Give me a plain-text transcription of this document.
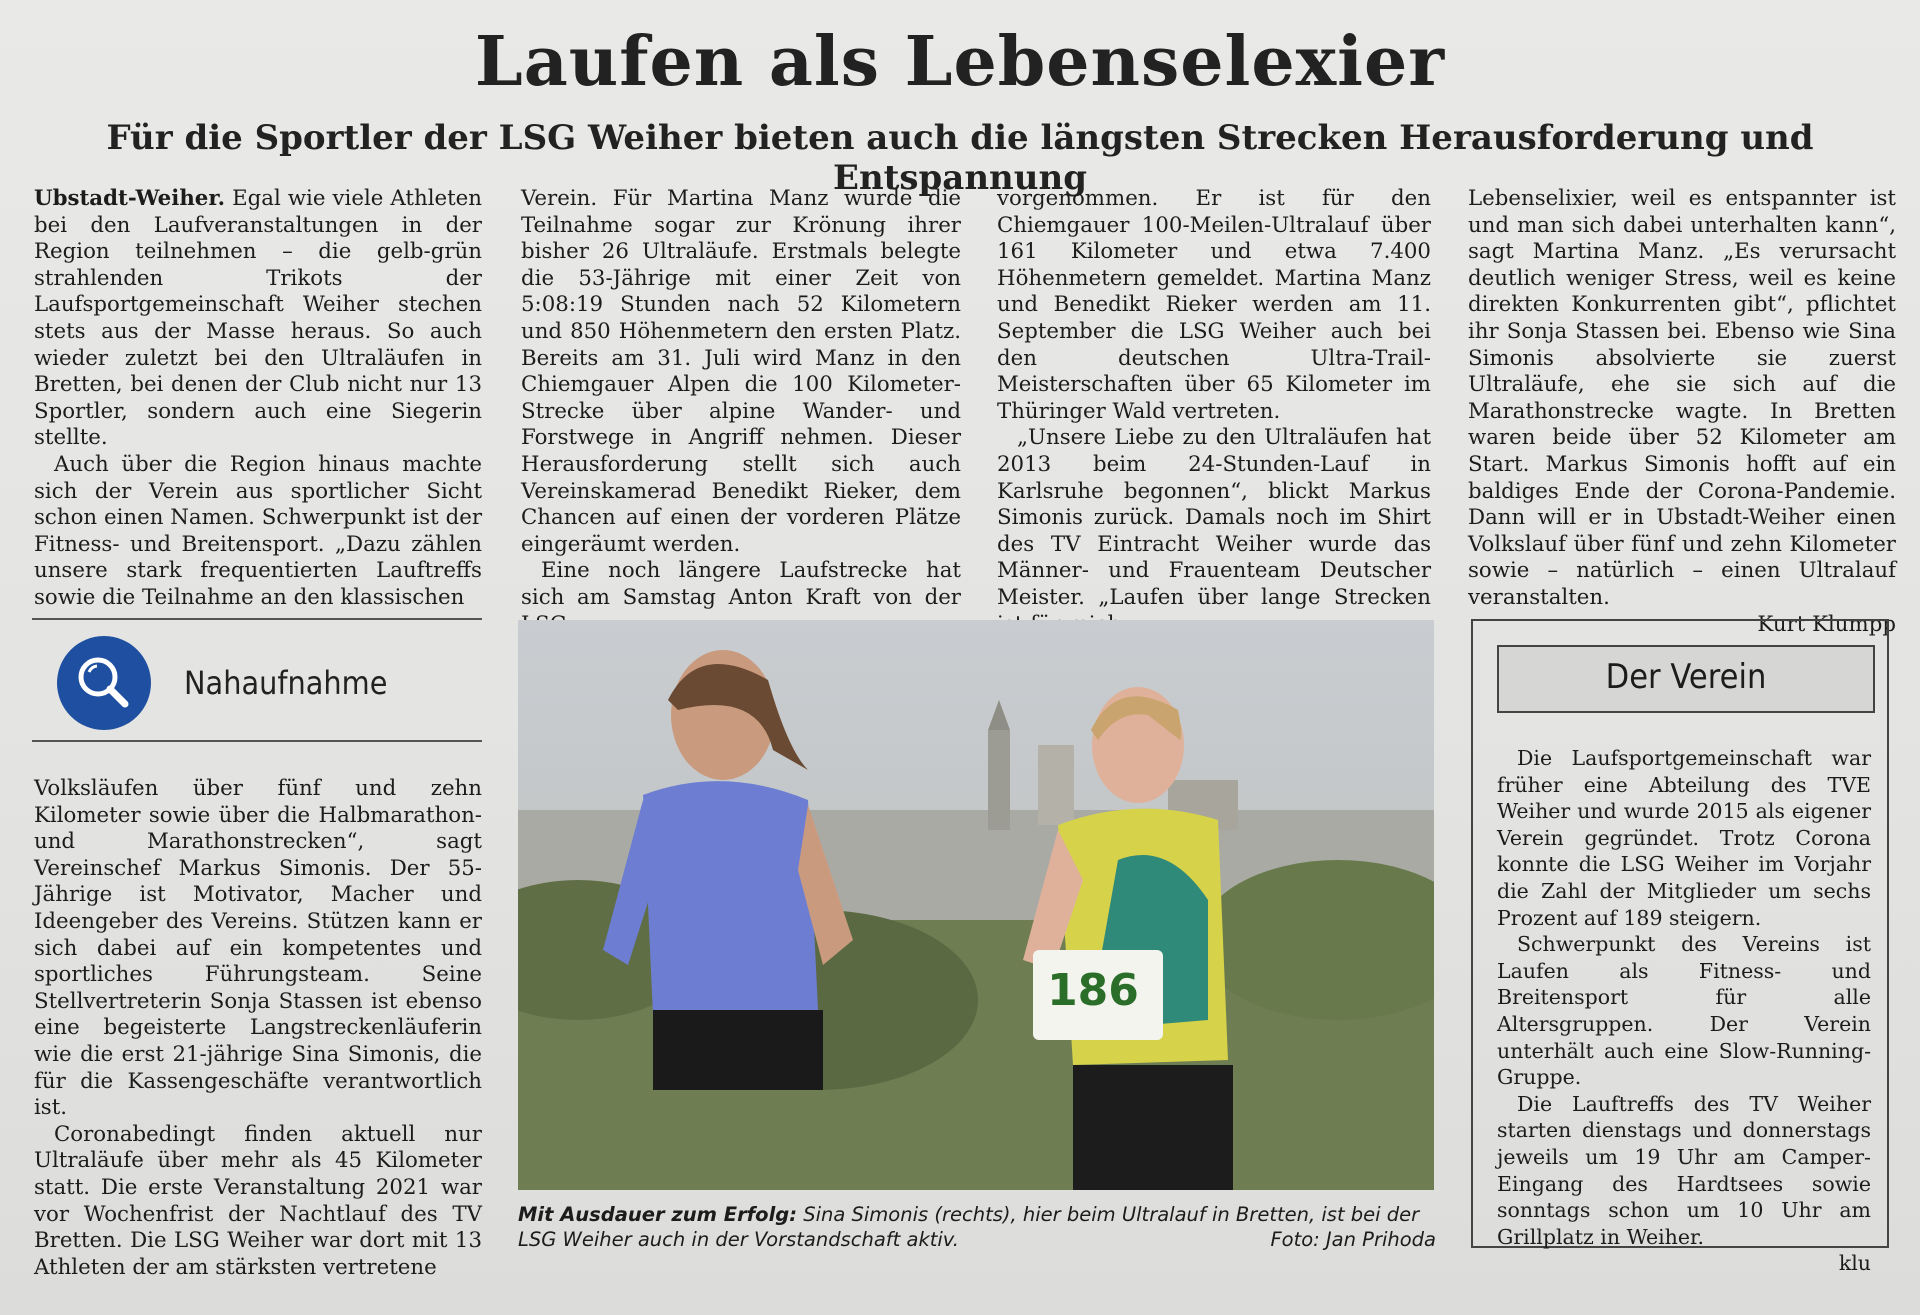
Laufen als Lebenselexier
Für die Sportler der LSG Weiher bieten auch die längsten Strecken Herausforderung und Entspannung

Ubstadt-Weiher. Egal wie viele Athleten bei den Laufveranstaltungen in der Region teilnehmen – die gelb-grün strahlenden Trikots der Laufsportgemeinschaft Weiher stechen stets aus der Masse heraus. So auch wieder zuletzt bei den Ultraläufen in Bretten, bei denen der Club nicht nur 13 Sportler, sondern auch eine Siegerin stellte.

Auch über die Region hinaus machte sich der Verein aus sportlicher Sicht schon einen Namen. Schwerpunkt ist der Fitness- und Breitensport. „Dazu zählen unsere stark frequentierten Lauftreffs sowie die Teilnahme an den klassischen

Nahaufnahme

Volksläufen über fünf und zehn Kilometer sowie über die Halbmarathon- und Marathonstrecken“, sagt Vereinschef Markus Simonis. Der 55-Jährige ist Motivator, Macher und Ideengeber des Vereins. Stützen kann er sich dabei auf ein kompetentes und sportliches Führungsteam. Seine Stellvertreterin Sonja Stassen ist ebenso eine begeisterte Langstreckenläuferin wie die erst 21-jährige Sina Simonis, die für die Kassengeschäfte verantwortlich ist.

Coronabedingt finden aktuell nur Ultraläufe über mehr als 45 Kilometer statt. Die erste Veranstaltung 2021 war vor Wochenfrist der Nachtlauf des TV Bretten. Die LSG Weiher war dort mit 13 Athleten der am stärksten vertretene

Verein. Für Martina Manz wurde die Teilnahme sogar zur Krönung ihrer bisher 26 Ultraläufe. Erstmals belegte die 53-Jährige mit einer Zeit von 5:08:19 Stunden nach 52 Kilometern und 850 Höhenmetern den ersten Platz. Bereits am 31. Juli wird Manz in den Chiemgauer Alpen die 100 Kilometer-Strecke über alpine Wander- und Forstwege in Angriff nehmen. Dieser Herausforderung stellt sich auch Vereinskamerad Benedikt Rieker, dem Chancen auf einen der vorderen Plätze eingeräumt werden.

Eine noch längere Laufstrecke hat sich am Samstag Anton Kraft von der

vorgenommen. Er ist für den Chiemgauer 100-Meilen-Ultralauf über 161 Kilometer und etwa 7.400 Höhenmetern gemeldet. Martina Manz und Benedikt Rieker werden am 11. September die LSG Weiher auch bei den deutschen Ultra-Trail-Meisterschaften über 65 Kilometer im Thüringer Wald vertreten.

„Unsere Liebe zu den Ultraläufen hat 2013 beim 24-Stunden-Lauf in Karlsruhe begonnen“, blickt Markus Simonis zurück. Damals noch im Shirt des TV Eintracht Weiher wurde das Männer- und Frauenteam Deutscher Meister. „Laufen über lange Strecken

Lebenselixier, weil es entspannter ist und man sich dabei unterhalten kann“, sagt Martina Manz. „Es verursacht deutlich weniger Stress, weil es keine direkten Konkurrenten gibt“, pflichtet ihr Sonja Stassen bei. Ebenso wie Sina Simonis absolvierte sie zuerst Ultraläufe, ehe sie sich auf die Marathonstrecke wagte. In Bretten waren beide über 52 Kilometer am Start. Markus Simonis hofft auf ein baldiges Ende der Corona-Pandemie. Dann will er in Ubstadt-Weiher einen Volkslauf über fünf und zehn Kilometer sowie – natürlich – einen Ultralauf veranstalten.

Kurt Klumpp
186
Mit Ausdauer zum Erfolg: Sina Simonis (rechts), hier beim Ultralauf in Bretten, ist bei der LSG Weiher auch in der Vorstandschaft aktiv.	Foto: Jan Prihoda
Der Verein

Die Laufsportgemeinschaft war früher eine Abteilung des TVE Weiher und wurde 2015 als eigener Verein gegründet. Trotz Corona konnte die LSG Weiher im Vorjahr die Zahl der Mitglieder um sechs Prozent auf 189 steigern.

Schwerpunkt des Vereins ist Laufen als Fitness- und Breitensport für alle Altersgruppen. Der Verein unterhält auch eine Slow-Running-Gruppe.

Die Lauftreffs des TV Weiher starten dienstags und donnerstags jeweils um 19 Uhr am Camper-Eingang des Hardtsees sowie sonntags schon um 10 Uhr am Grillplatz in Weiher.

klu
